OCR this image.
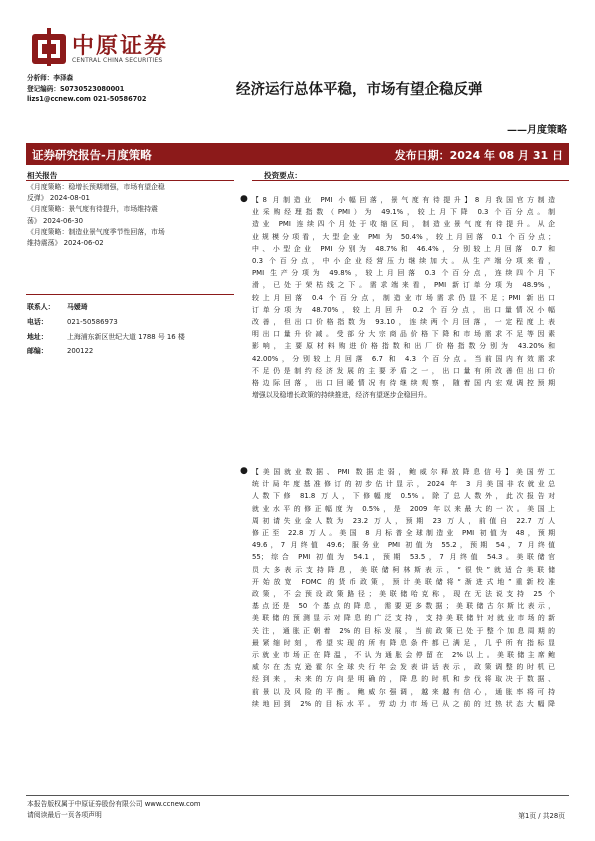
中原证券
CENTRAL CHINA SECURITIES
分析师：李泽森
登记编码：S0730523080001
lizs1@ccnew.com 021-50586702
经济运行总体平稳，市场有望企稳反弹
——月度策略
证券研究报告-月度策略	发布日期：2024 年 08 月 31 日
相关报告
《月度策略：稳增长预期增强，市场有望企稳
反弹》 2024-08-01
《月度策略：景气度有待提升，市场维持震
荡》 2024-06-30
《月度策略：制造业景气度季节性回落，市场
维持震荡》 2024-06-02
联系人： 马嫒琦
电话：	021-50586973
地址：	上海浦东新区世纪大道 1788 号 16 楼
邮编：	200122
投资要点：
● 【8 月制造业 PMI 小幅回落，景气度有待提升】8 月我国官方制造
业采购经理指数（PMI）为 49.1%，较上月下降 0.3 个百分点。制
造业 PMI 连续四个月处于收缩区间，制造业景气度有待提升。从企
业规模分项看，大型企业 PMI 为 50.4%，较上月回落 0.1 个百分点；
中、小型企业 PMI 分别为 48.7%和 46.4%，分别较上月回落 0.7 和
0.3 个百分点，中小企业经营压力继续加大。从生产端分项来看，
PMI 生产分项为 49.8%，较上月回落 0.3 个百分点，连续四个月下
滑，已处于荣枯线之下。需求端来看，PMI 新订单分项为 48.9%，
较上月回落 0.4 个百分点，制造业市场需求仍显不足；PMI 新出口
订单分项为 48.70%，较上月回升 0.2 个百分点，出口量情况小幅
改善，但出口价格指数为 93.10，连续两个月回落，一定程度上表
明出口量升价减。受部分大宗商品价格下降和市场需求不足等因素
影响，主要原材料购进价格指数和出厂价格指数分别为 43.20%和
42.00%，分别较上月回落 6.7 和 4.3 个百分点。当前国内有效需求
不足仍是制约经济发展的主要矛盾之一，出口量有所改善但出口价
格边际回落，出口回暖情况有待继续观察，随着国内宏观调控预期
增强以及稳增长政策的持续推进，经济有望逐步企稳回升。
● 【美国就业数据、PMI 数据走弱，鲍威尔释放降息信号】美国劳工
统计局年度基准修订的初步估计显示，2024 年 3 月美国非农就业总
人数下修 81.8 万人，下修幅度 0.5%。除了总人数外，此次报告对
就业水平的修正幅度为 0.5%，是 2009 年以来最大的一次。美国上
周初请失业金人数为 23.2 万人，预期 23 万人，前值自 22.7 万人
修正至 22.8 万人。美国 8 月标普全球制造业 PMI 初值为 48，预期
49.6，7 月终值 49.6；服务业 PMI 初值为 55.2，预期 54，7 月终值
55；综合 PMI 初值为 54.1，预期 53.5，7 月终值 54.3。美联储官
员大多表示支持降息，美联储柯林斯表示，“很快”就适合美联储
开始放宽 FOMC 的货币政策，预计美联储将“渐进式地”重新校准
政策，不会预设政策路径；美联储哈克称，现在无法说支持 25 个
基点还是 50 个基点的降息，需要更多数据；美联储古尔斯比表示，
美联储的预测显示对降息的广泛支持，支持美联储针对就业市场的新
关注，通胀正朝着 2%的目标发展，当前政策已处于整个加息周期的
最紧缩时刻，希望实现的所有降息条件都已满足，几乎所有指标显
示就业市场正在降温，不认为通胀会停留在 2%以上。美联储主席鲍
威尔在杰克逊霍尔全球央行年会发表讲话表示，政策调整的时机已
经到来，未来的方向是明确的，降息的时机和步伐将取决于数据、
前景以及风险的平衡。鲍威尔强调，越来越有信心，通胀率将可持
续地回到 2%的目标水平。劳动力市场已从之前的过热状态大幅降
本报告版权属于中原证券股份有限公司 www.ccnew.com
请阅读最后一页各项声明	第1页 / 共28页
